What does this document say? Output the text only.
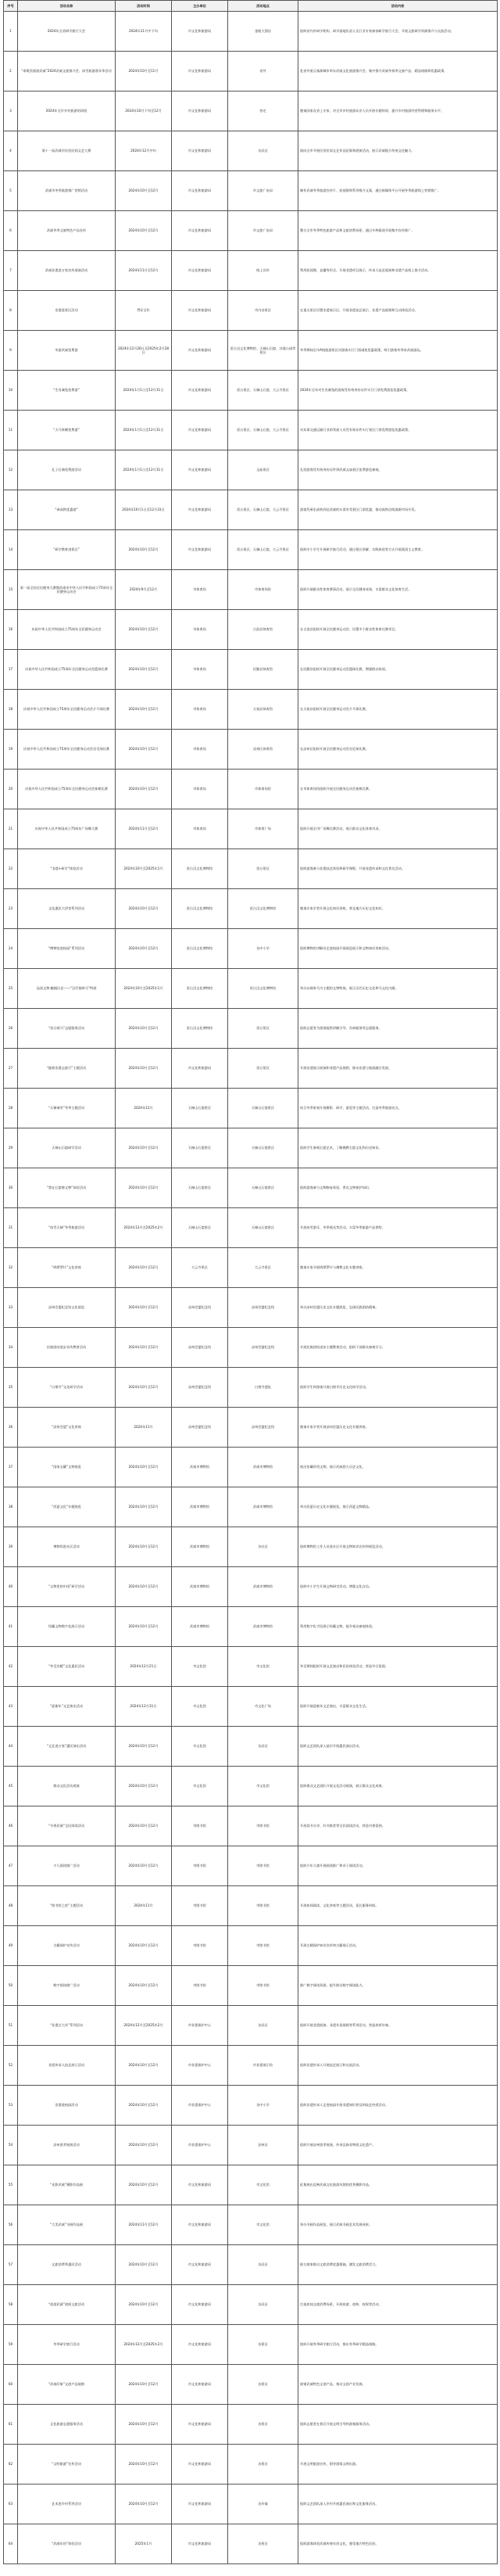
序号	活动名称	活动时间	主办单位	活动地点	活动内容
1	2024年全省研学旅行大会	2024年11月中下旬	市文化和旅游局	金陵大酒店	组织省内外研学机构、研学基地负责人及行业专家参加研学旅行大会，开展文旅研学资源推介与交流活动。
2	“泰歌美韵游武威”2024武威文旅推介会、冰雪旅游嘉年华活动	2024年10月至11月	市文化和旅游局	省外	赴省外重点客源城市举办武威文化旅游推介会，集中推介武威冬春季文旅产品、精品线路和优惠政策。
3	2024年全市乡村旅游培训班	2024年10月下旬至12月	市文化和旅游局	待定	邀请国家及省上专家，对全市乡村旅游从业人员开展专题培训，提升乡村旅游经营管理和服务水平。
4	第十一届武威市民俗民间文艺大赛	2024年12月中旬	市文化和旅游局	各县区	面向全市开展民俗民间文艺作品征集和展演活动，展示武威地方传统文化魅力。
5	武威市冬季旅游推广营销活动	2024年10月至12月	市文化和旅游局	市文旅广电局	制作武威冬季旅游宣传片、短视频和系列推介文案，通过新媒体平台开展冬季旅游线上营销推广。
6	武威冬季文旅特色产品宣传	2024年10月至12月	市文化和旅游局	市文旅广电局	整合全市冬季特色旅游产品和文旅消费场景，通过多种渠道开展集中宣传推广。
7	武威非遗进万家宣传展演活动	2024年11月至12月	市文化和旅游局	线上宣传	利用短视频、直播等形式，开展非遗项目展示、传承人技艺展演和非遗产品线上推介活动。
8	非遗进景区活动	贯穿全年	市文化和旅游局	市内各景区	在重点景区设置非遗展示区，开展非遗技艺展示、非遗产品展销和互动体验活动。
9	冬游武威免费游	2024年12月26日至2025年2月28日	市文化和旅游局	雷台汉文化博物馆、天梯山石窟、沙漠公园等景区	冬季期间全市A级旅游景区对游客实行门票减免优惠政策，吸引游客冬季来武威游玩。
10	“生肖属兔免费游”	2024年1月1日至12月31日	市文化和旅游局	雷台景区、天梯山石窟、大云寺景区	2024年全年对生肖属兔的游客凭有效身份证件实行门票免费游览优惠政策。
11	“天马奔腾免费游”	2024年1月1日至12月31日	市文化和旅游局	雷台景区、天梯山石窟、大云寺景区	对从事交通运输行业的驾驶人员凭有效证件实行景区门票免费游览优惠政策。
12	孔子后裔免费游活动	2024年1月1日至12月31日	市文化和旅游局	文庙景区	孔姓游客凭有效身份证件到武威文庙景区免费游览参观。
13	“乘高铁优惠游”	2024年10月1日至12月31日	市文化和旅游局	雷台景区、天梯山石窟、大云寺景区	游客凭乘坐高铁到达武威的车票享受景区门票优惠，推动高铁沿线客源市场开发。
14	“研学教育进景区”	2024年10月至12月	市文化和旅游局	雷台景区、天梯山石窟、大云寺景区	组织中小学生开展研学旅行活动，通过景区讲解、实践体验等方式开展爱国主义教育。
15	第一届全国全民健身大赛暨武威市中华人民共和国成立75周年全民健身运动会	2024年9月至12月	市体育局	市体育场馆	组织开展群众性体育赛事活动，展示全民健身成果，丰富群众文化体育生活。
16	庆祝中华人民共和国成立75周年全民健身运动会	2024年10月至12月	市体育局	古浪县体育馆	在古浪县组织开展全民健身运动会，设置多个群众性体育比赛项目。
17	庆祝中华人民共和国成立75周年全民健身运动会篮球比赛	2024年10月至12月	市体育局	民勤县体育馆	在民勤县组织开展全民健身运动会篮球比赛，增强群众体质。
18	庆祝中华人民共和国成立75周年全民健身运动会乒乓球比赛	2024年10月至12月	市体育局	天祝县体育馆	在天祝县组织开展全民健身运动会乒乓球比赛。
19	庆祝中华人民共和国成立75周年全民健身运动会羽毛球比赛	2024年10月至12月	市体育局	凉州区体育馆	在凉州区组织开展全民健身运动会羽毛球比赛。
20	庆祝中华人民共和国成立75周年全民健身运动会象棋比赛	2024年10月至12月	市体育局	市体育场馆	在市体育场馆组织开展全民健身运动会象棋比赛。
21	庆祝中华人民共和国成立75周年广场舞大赛	2024年11月至12月	市体育局	市体育广场	组织开展全市广场舞比赛活动，展示群众文化体育风采。
22	“非遗+研学”体验活动	2024年10月至2025年1月	雷台汉文化博物馆	雷台景区	组织游客参与非遗技艺体验和研学课程，开展非遗传承和文化普及活动。
23	文化惠民大讲堂系列活动	2024年10月至12月	雷台汉文化博物馆	雷台汉文化博物馆	邀请专家学者开展文化知识讲座，普及地方历史文化知识。
24	“博物馆进校园”系列活动	2024年10月至12月	雷台汉文化博物馆	各中小学	组织博物馆讲解员走进校园开展展览展示和文物知识讲座活动。
25	品读文物·触摸历史——“汉代铜奔马”特展	2024年10月至2025年1月	雷台汉文化博物馆	雷台汉文化博物馆	举办以铜奔马为主题的文物特展，展示汉代历史文化和马文化内涵。
26	“雷台观马”志愿服务活动	2024年10月至12月	雷台汉文化博物馆	雷台景区	组织志愿者为游客提供讲解引导、咨询服务等志愿服务。
27	“跟着非遗去旅行”主题活动	2024年10月至12月	市文化和旅游局	雷台景区	开展非遗展示展演和非遗产品展销，推动非遗与旅游融合发展。
28	“天梯瑞雪”冬季主题活动	2024年12月	天梯山石窟景区	天梯山石窟景区	结合冬季景观开展摄影、研学、游览等主题活动，打造冬季旅游亮点。
29	天梯山石窟研学活动	2024年10月至12月	天梯山石窟景区	天梯山石窟景区	组织学生参观石窟艺术，了解佛教石窟文化和历史知识。
30	“我在石窟修文物”体验活动	2024年10月至12月	天梯山石窟景区	天梯山石窟景区	组织游客参与文物修复体验，普及文物保护知识。
31	“冰雪天梯”冬季旅游活动	2024年12月至2025年2月	天梯山石窟景区	天梯山石窟景区	开展冰雪游乐、冬季观光等活动，丰富冬季旅游产品供给。
32	“鸠摩罗什”文化讲座	2024年10月至12月	大云寺景区	大云寺景区	邀请专家开展鸠摩罗什与佛教文化专题讲座。
33	凉州会盟纪念馆文化展览	2024年10月至12月	凉州会盟纪念馆	凉州会盟纪念馆	举办凉州会盟历史文化专题展览，弘扬民族团结精神。
34	民族团结进步宣传教育活动	2024年10月至12月	凉州会盟纪念馆	凉州会盟纪念馆	开展民族团结进步主题教育活动，组织干部群众参观学习。
35	“白塔寺”文化研学活动	2024年10月至12月	凉州会盟纪念馆	白塔寺遗址	组织学生和游客开展白塔寺历史文化研学活动。
36	“凉州会盟”文化讲座	2024年11月	凉州会盟纪念馆	凉州会盟纪念馆	邀请专家学者开展凉州会盟历史文化专题讲座。
37	“国家宝藏”文物展览	2024年10月至12月	武威市博物馆	武威市博物馆	展出馆藏珍贵文物，展示武威悠久历史文化。
38	“西夏文化”专题展览	2024年10月至12月	武威市博物馆	武威市博物馆	举办西夏历史文化专题展览，展示西夏文物精品。
39	博物馆进社区活动	2024年10月至12月	武威市博物馆	各社区	组织博物馆工作人员进社区开展文物知识宣传和展览活动。
40	“文物里的中国”研学活动	2024年10月至12月	武威市博物馆	武威市博物馆	组织中小学生开展文物研学活动，增强文化自信。
41	馆藏文物数字化展示活动	2024年10月至12月	武威市博物馆	武威市博物馆	利用数字化手段展示馆藏文物，提升观众参观体验。
42	“冬至送暖”文化惠民活动	2024年12月21日	市文化馆	市文化馆	冬至期间组织开展文艺演出和民俗体验活动，营造节日氛围。
43	“迎新年”文艺演出活动	2024年12月31日	市文化馆	市文化广场	组织开展迎新年文艺演出，丰富群众文化生活。
44	“文艺进万家”惠民演出活动	2024年10月至12月	市文化馆	各县区	组织文艺团队深入基层开展惠民演出活动。
45	群众文化活动展演	2024年10月至12月	市文化馆	市文化馆	组织群众文艺团队开展文化活动展演，展示群众文化成果。
46	“书香武威”全民阅读活动	2024年10月至12月	市图书馆	市图书馆	开展读书分享、好书推荐等全民阅读活动，营造书香氛围。
47	少儿阅读推广活动	2024年10月至12月	市图书馆	市图书馆	组织少年儿童开展阅读推广和亲子阅读活动。
48	“图书馆之夜”主题活动	2024年11月	市图书馆	市图书馆	开展夜间阅读、文化讲座等主题活动，延长服务时间。
49	古籍保护宣传活动	2024年10月至12月	市图书馆	市图书馆	开展古籍保护知识宣传和古籍展示活动。
50	数字阅读推广活动	2024年10月至12月	市图书馆	市图书馆	推广数字阅读资源，提升群众数字阅读能力。
51	“非遗过大年”系列活动	2024年12月至2025年2月	市非遗保护中心	各县区	组织开展非遗展演、非遗年货展销等系列活动，营造浓厚年味。
52	非遗传承人技艺展示活动	2024年10月至12月	市非遗保护中心	市非遗展示馆	组织非遗传承人开展技艺展示和交流活动。
53	非遗进校园活动	2024年10月至12月	市非遗保护中心	各中小学	组织非遗传承人走进校园开展非遗知识普及和技艺传授活动。
54	凉州贤孝展演活动	2024年10月至12月	市非遗保护中心	凉州区	组织开展凉州贤孝展演，传承弘扬非物质文化遗产。
55	“光影武威”摄影作品展	2024年10月至12月	市文化和旅游局	市文化馆	征集展出反映武威文化旅游风貌的优秀摄影作品。
56	“大美武威”书画作品展	2024年11月至12月	市文化和旅游局	市文化馆	举办书画作品展览，展示武威书画艺术发展成果。
57	文旅消费季惠民活动	2024年10月至12月	市文化和旅游局	各县区	联合商家推出文旅消费优惠措施，激发文旅消费活力。
58	“夜游武威”夜间文旅活动	2024年10月至12月	市文化和旅游局	各县区	打造夜间文旅消费场景，开展夜游、夜购、夜娱等活动。
59	冬季研学旅行活动	2024年12月至2025年2月	市文化和旅游局	各景区	组织开展冬季研学旅行活动，推出冬季研学精品线路。
60	“武威印象”文创产品展销	2024年10月至12月	市文化和旅游局	各景区	展销武威特色文创产品，推动文创产业发展。
61	文化旅游志愿服务活动	2024年10月至12月	市文化和旅游局	各景区	组织志愿者在景区开展文明引导和游客服务活动。
62	“文明旅游”宣传活动	2024年10月至12月	市文化和旅游局	各景区	开展文明旅游宣传，倡导游客文明出游。
63	艺术进乡村系列活动	2024年10月至12月	市文化和旅游局	各乡镇	组织文艺团队深入乡村开展惠民演出和文化服务活动。
64	“武威年俗”体验活动	2025年1月	市文化和旅游局	各景区	组织游客体验武威传统年俗文化，感受地方特色民俗。
